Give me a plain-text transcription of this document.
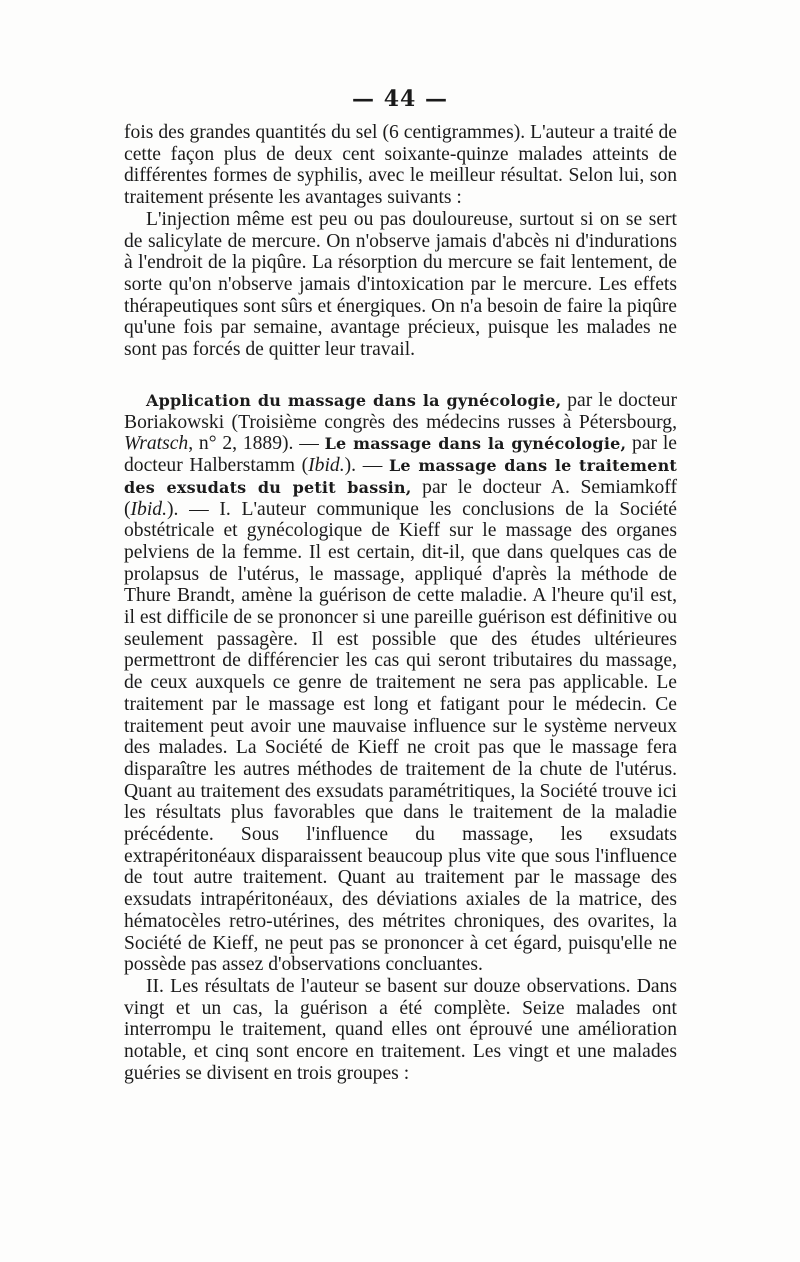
— 44 —

fois des grandes quantités du sel (6 centigrammes). L'auteur a traité de cette façon plus de deux cent soixante-quinze malades atteints de différentes formes de syphilis, avec le meilleur résultat. Selon lui, son traitement présente les avantages suivants :

L'injection même est peu ou pas douloureuse, surtout si on se sert de salicylate de mercure. On n'observe jamais d'abcès ni d'indurations à l'endroit de la piqûre. La résorption du mercure se fait lentement, de sorte qu'on n'observe jamais d'intoxication par le mercure. Les effets thérapeutiques sont sûrs et énergiques. On n'a besoin de faire la piqûre qu'une fois par semaine, avantage précieux, puisque les malades ne sont pas forcés de quitter leur travail.

Application du massage dans la gynécologie, par le docteur Boriakowski (Troisième congrès des médecins russes à Pétersbourg, Wratsch, n° 2, 1889). — Le massage dans la gynécologie, par le docteur Halberstamm (Ibid.). — Le massage dans le traitement des exsudats du petit bassin, par le docteur A. Semiamkoff (Ibid.). — I. L'auteur communique les conclusions de la Société obstétricale et gynécologique de Kieff sur le massage des organes pelviens de la femme. Il est certain, dit-il, que dans quelques cas de prolapsus de l'utérus, le massage, appliqué d'après la méthode de Thure Brandt, amène la guérison de cette maladie. A l'heure qu'il est, il est difficile de se prononcer si une pareille guérison est définitive ou seulement passagère. Il est possible que des études ultérieures permettront de différencier les cas qui seront tributaires du massage, de ceux auxquels ce genre de traitement ne sera pas applicable. Le traitement par le massage est long et fatigant pour le médecin. Ce traitement peut avoir une mauvaise influence sur le système nerveux des malades. La Société de Kieff ne croit pas que le massage fera disparaître les autres méthodes de traitement de la chute de l'utérus. Quant au traitement des exsudats paramétritiques, la Société trouve ici les résultats plus favorables que dans le traitement de la maladie précédente. Sous l'influence du massage, les exsudats extrapéritonéaux disparaissent beaucoup plus vite que sous l'influence de tout autre traitement. Quant au traitement par le massage des exsudats intrapéritonéaux, des déviations axiales de la matrice, des hématocèles retro-utérines, des métrites chroniques, des ovarites, la Société de Kieff, ne peut pas se prononcer à cet égard, puisqu'elle ne possède pas assez d'observations concluantes.

II. Les résultats de l'auteur se basent sur douze observations. Dans vingt et un cas, la guérison a été complète. Seize malades ont interrompu le traitement, quand elles ont éprouvé une amélioration notable, et cinq sont encore en traitement. Les vingt et une malades guéries se divisent en trois groupes :
